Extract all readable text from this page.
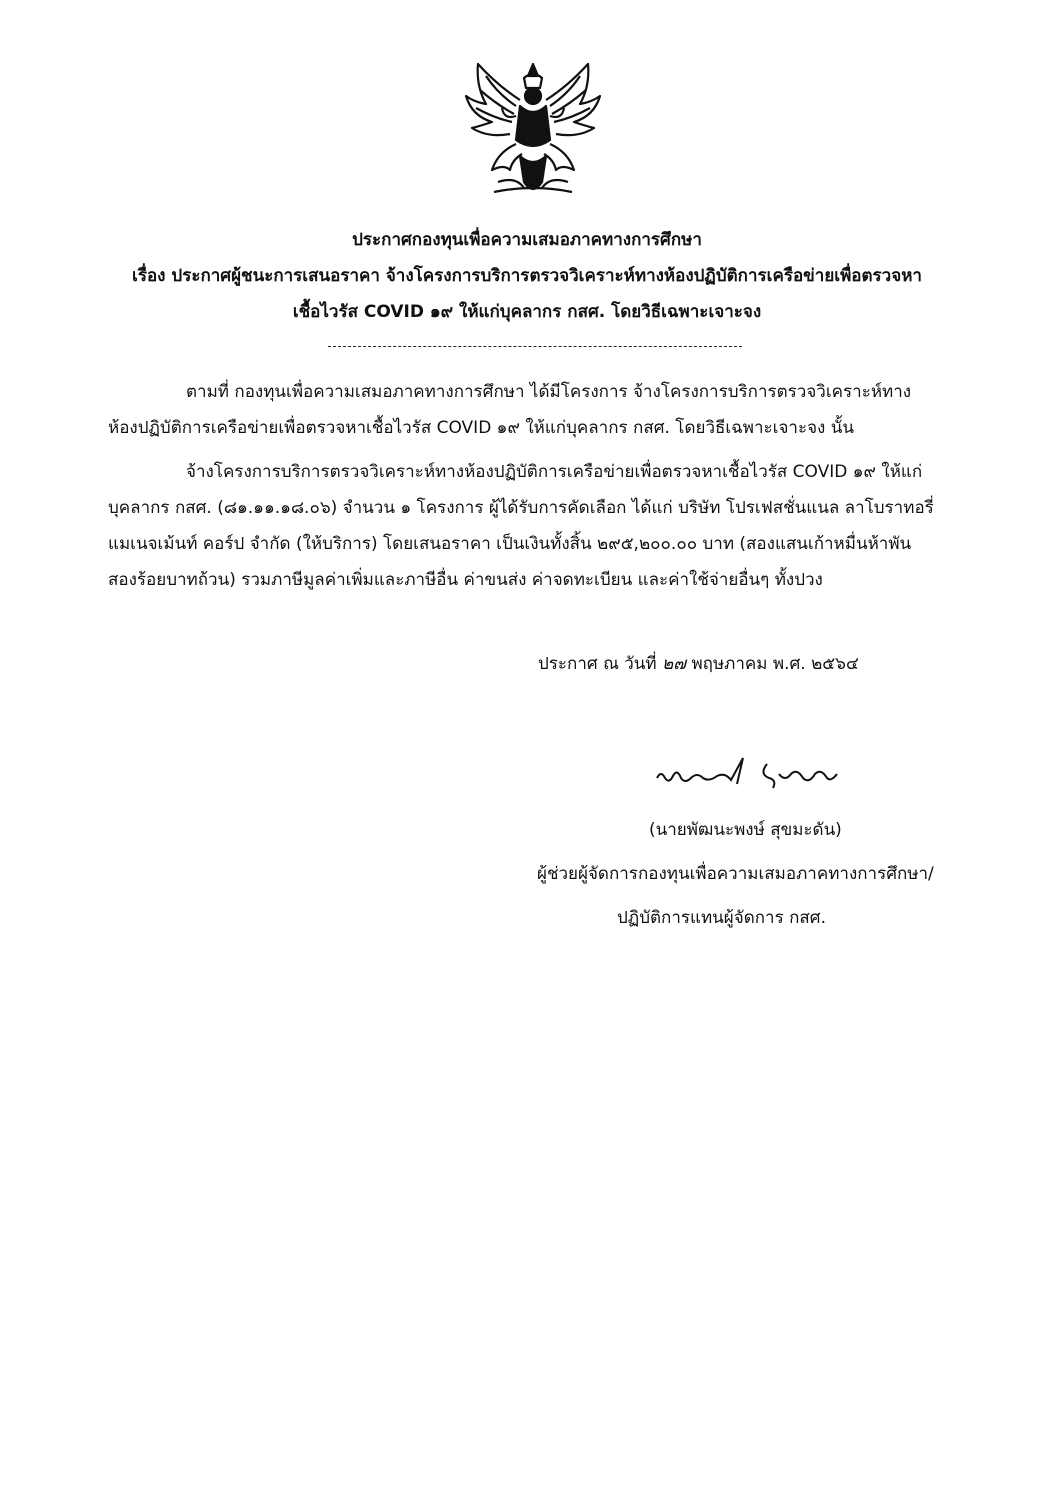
ประกาศกองทุนเพื่อความเสมอภาคทางการศึกษา
เรื่อง ประกาศผู้ชนะการเสนอราคา จ้างโครงการบริการตรวจวิเคราะห์ทางห้องปฏิบัติการเครือข่ายเพื่อตรวจหา
เชื้อไวรัส COVID ๑๙ ให้แก่บุคลากร กสศ. โดยวิธีเฉพาะเจาะจง
ตามที่ กองทุนเพื่อความเสมอภาคทางการศึกษา ได้มีโครงการ จ้างโครงการบริการตรวจวิเคราะห์ทาง
ห้องปฏิบัติการเครือข่ายเพื่อตรวจหาเชื้อไวรัส COVID ๑๙ ให้แก่บุคลากร กสศ. โดยวิธีเฉพาะเจาะจง นั้น
จ้างโครงการบริการตรวจวิเคราะห์ทางห้องปฏิบัติการเครือข่ายเพื่อตรวจหาเชื้อไวรัส COVID ๑๙ ให้แก่
บุคลากร กสศ. (๘๑.๑๑.๑๘.๐๖) จำนวน ๑ โครงการ ผู้ได้รับการคัดเลือก ได้แก่ บริษัท โปรเฟสชั่นแนล ลาโบราทอรี่
แมเนจเม้นท์ คอร์ป จำกัด (ให้บริการ) โดยเสนอราคา เป็นเงินทั้งสิ้น ๒๙๕,๒๐๐.๐๐ บาท (สองแสนเก้าหมื่นห้าพัน
สองร้อยบาทถ้วน) รวมภาษีมูลค่าเพิ่มและภาษีอื่น ค่าขนส่ง ค่าจดทะเบียน และค่าใช้จ่ายอื่นๆ ทั้งปวง
ประกาศ ณ วันที่ ๒๗ พฤษภาคม พ.ศ. ๒๕๖๔
(นายพัฒนะพงษ์ สุขมะดัน)
ผู้ช่วยผู้จัดการกองทุนเพื่อความเสมอภาคทางการศึกษา/
ปฏิบัติการแทนผู้จัดการ กสศ.
